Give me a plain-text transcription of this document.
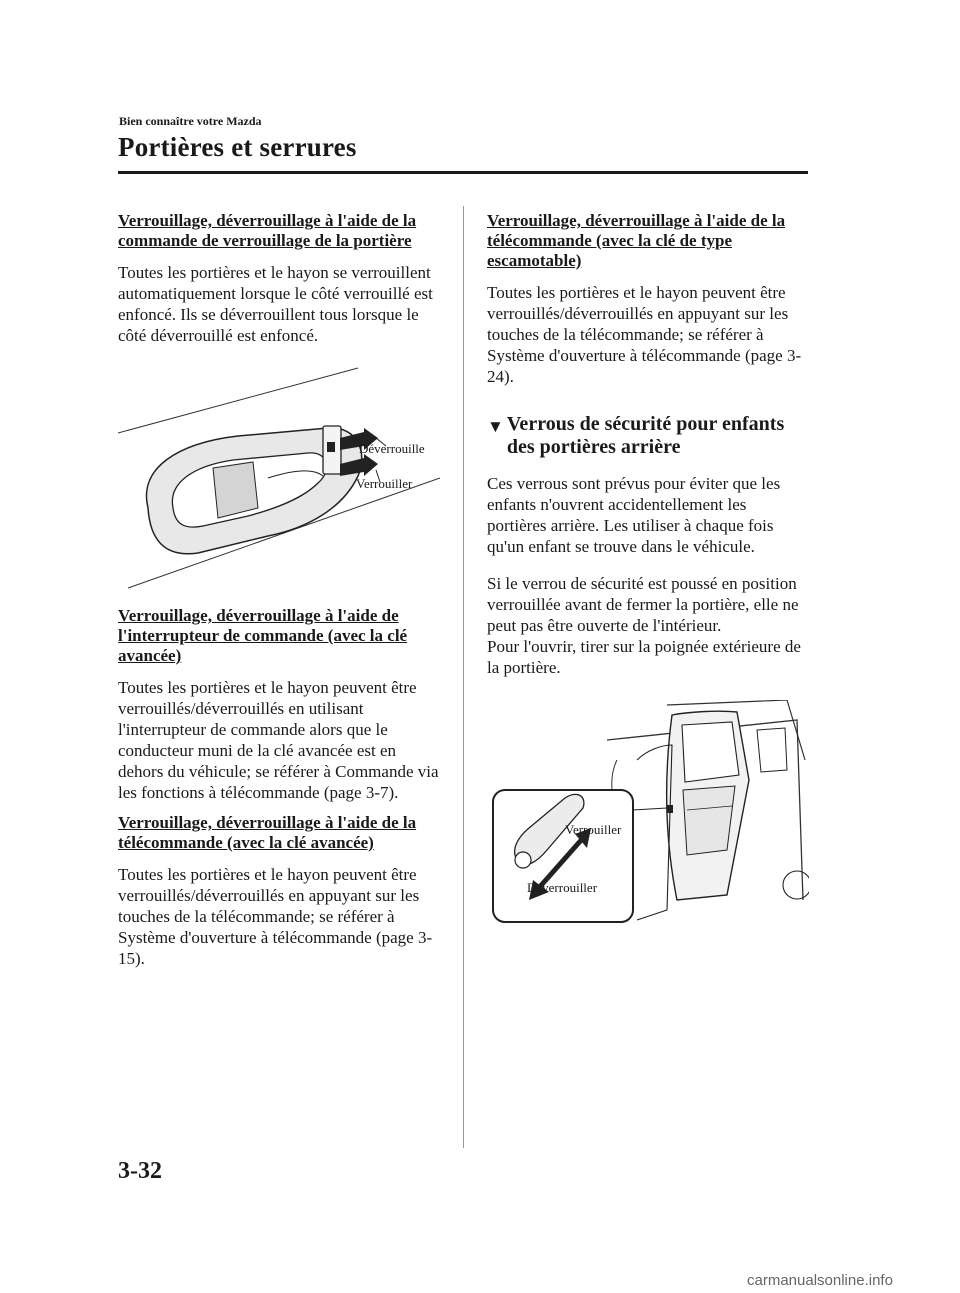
Bien connaître votre Mazda
Portières et serrures
Verrouillage, déverrouillage à l'aide de la commande de verrouillage de la portière
Toutes les portières et le hayon se verrouillent automatiquement lorsque le côté verrouillé est enfoncé. Ils se déverrouillent tous lorsque le côté déverrouillé est enfoncé.
Déverrouille
Verrouiller
Verrouillage, déverrouillage à l'aide de l'interrupteur de commande (avec la clé avancée)
Toutes les portières et le hayon peuvent être verrouillés/déverrouillés en utilisant l'interrupteur de commande alors que le conducteur muni de la clé avancée est en dehors du véhicule; se référer à Commande via les fonctions à télécommande (page 3-7).
Verrouillage, déverrouillage à l'aide de la télécommande (avec la clé avancée)
Toutes les portières et le hayon peuvent être verrouillés/déverrouillés en appuyant sur les touches de la télécommande; se référer à Système d'ouverture à télécommande (page 3-15).
Verrouillage, déverrouillage à l'aide de la télécommande (avec la clé de type escamotable)
Toutes les portières et le hayon peuvent être verrouillés/déverrouillés en appuyant sur les touches de la télécommande; se référer à Système d'ouverture à télécommande (page 3-24).
▼ Verrous de sécurité pour enfants des portières arrière
Ces verrous sont prévus pour éviter que les enfants n'ouvrent accidentellement les portières arrière. Les utiliser à chaque fois qu'un enfant se trouve dans le véhicule.
Si le verrou de sécurité est poussé en position verrouillée avant de fermer la portière, elle ne peut pas être ouverte de l'intérieur.
Pour l'ouvrir, tirer sur la poignée extérieure de la portière.
Verrouiller
Déverrouiller
3-32
carmanualsonline.info
